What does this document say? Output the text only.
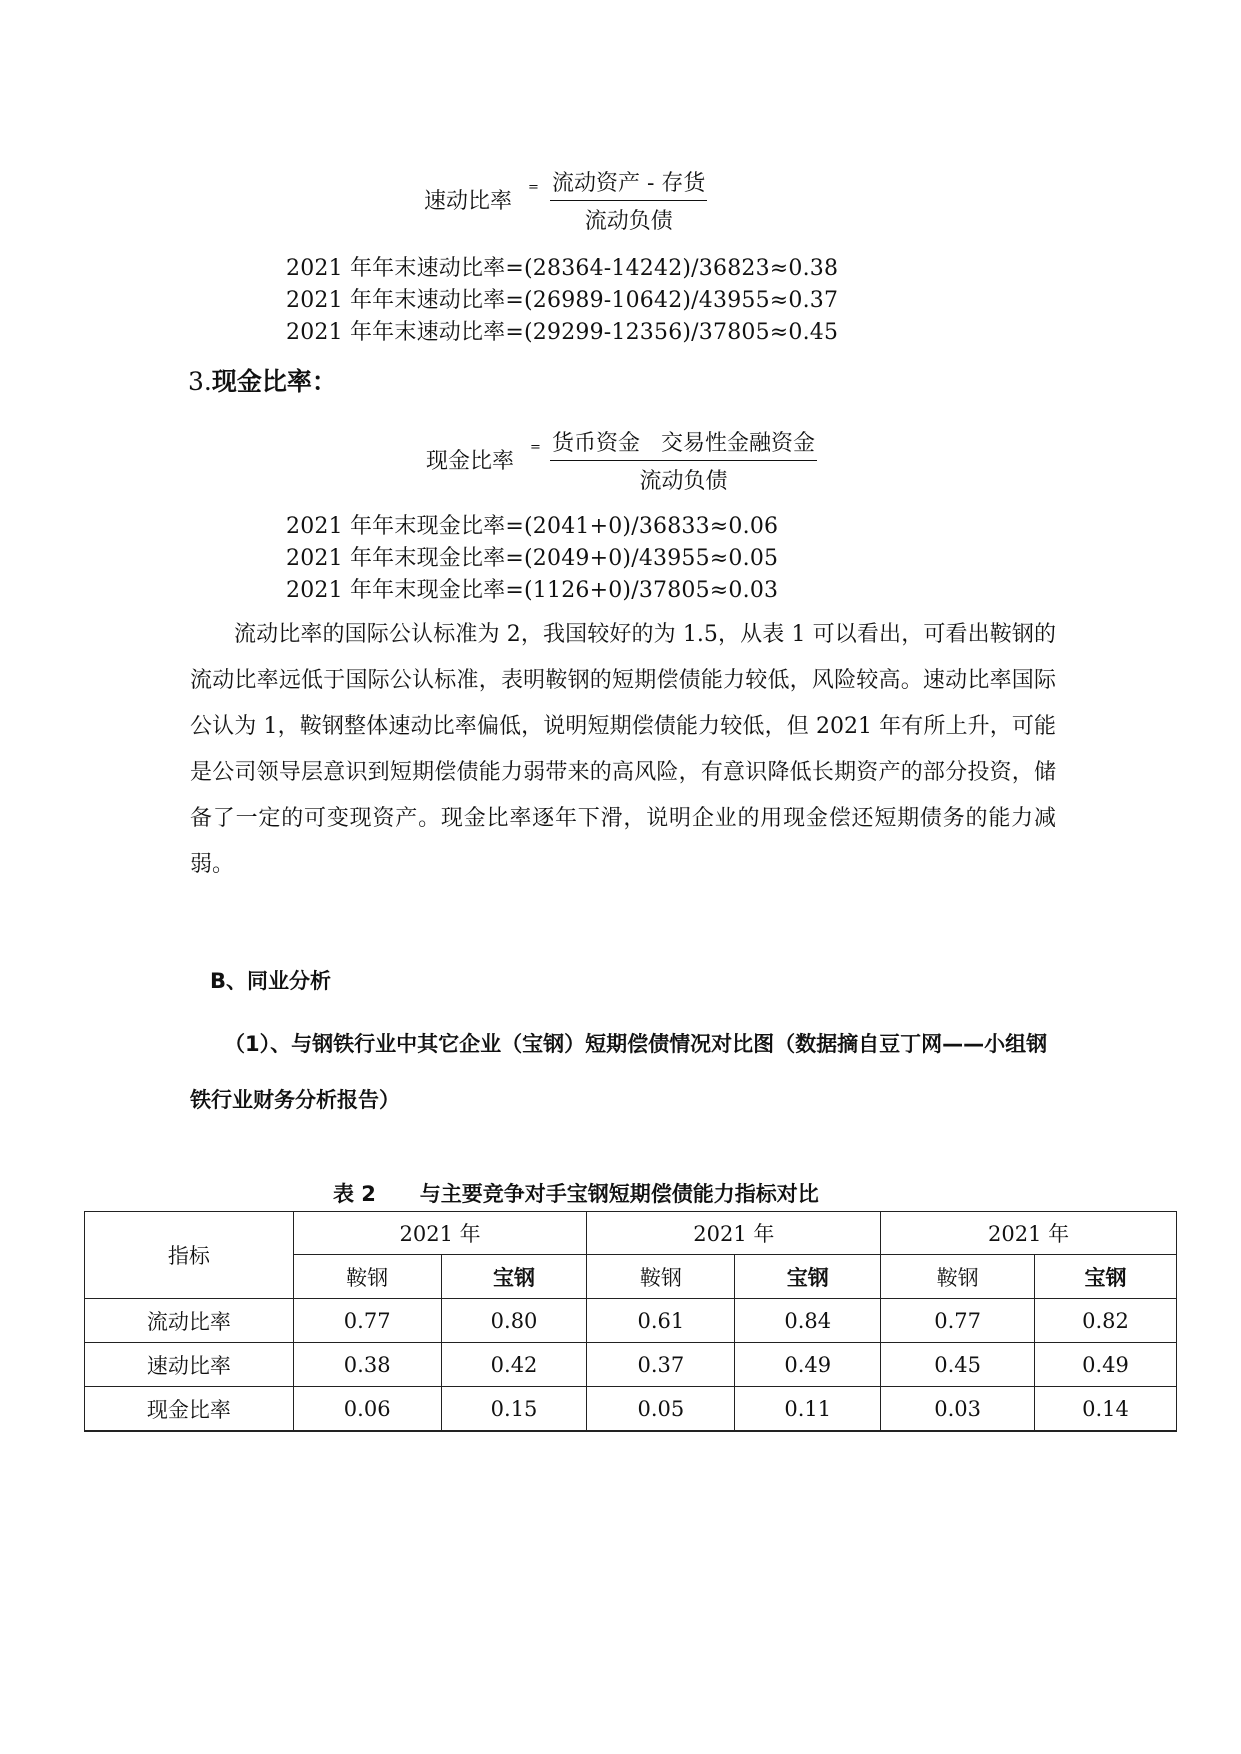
速动比率
= 流动资产 - 存货
流动负债
2021 年年末速动比率=(28364-14242)/36823≈0.38
2021 年年末速动比率=(26989-10642)/43955≈0.37
2021 年年末速动比率=(29299-12356)/37805≈0.45
3.现金比率：
现金比率
= 货币资金   交易性金融资金
流动负债
2021 年年末现金比率=(2041+0)/36833≈0.06
2021 年年末现金比率=(2049+0)/43955≈0.05
2021 年年末现金比率=(1126+0)/37805≈0.03

流动比率的国际公认标准为 2，我国较好的为 1.5，从表 1 可以看出，可看出鞍钢的流动比率远低于国际公认标准，表明鞍钢的短期偿债能力较低，风险较高。速动比率国际公认为 1，鞍钢整体速动比率偏低，说明短期偿债能力较低，但 2021 年有所上升，可能是公司领导层意识到短期偿债能力弱带来的高风险，有意识降低长期资产的部分投资，储备了一定的可变现资产。现金比率逐年下滑，说明企业的用现金偿还短期债务的能力减弱。

B、同业分析
（1）、与钢铁行业中其它企业（宝钢）短期偿债情况对比图（数据摘自豆丁网——小组钢铁行业财务分析报告）
表 2      与主要竞争对手宝钢短期偿债能力指标对比
指标	2021 年		2021 年		2021 年	
	鞍钢	宝钢	鞍钢	宝钢	鞍钢	宝钢
流动比率	0.77	0.80	0.61	0.84	0.77	0.82
速动比率	0.38	0.42	0.37	0.49	0.45	0.49
现金比率	0.06	0.15	0.05	0.11	0.03	0.14
